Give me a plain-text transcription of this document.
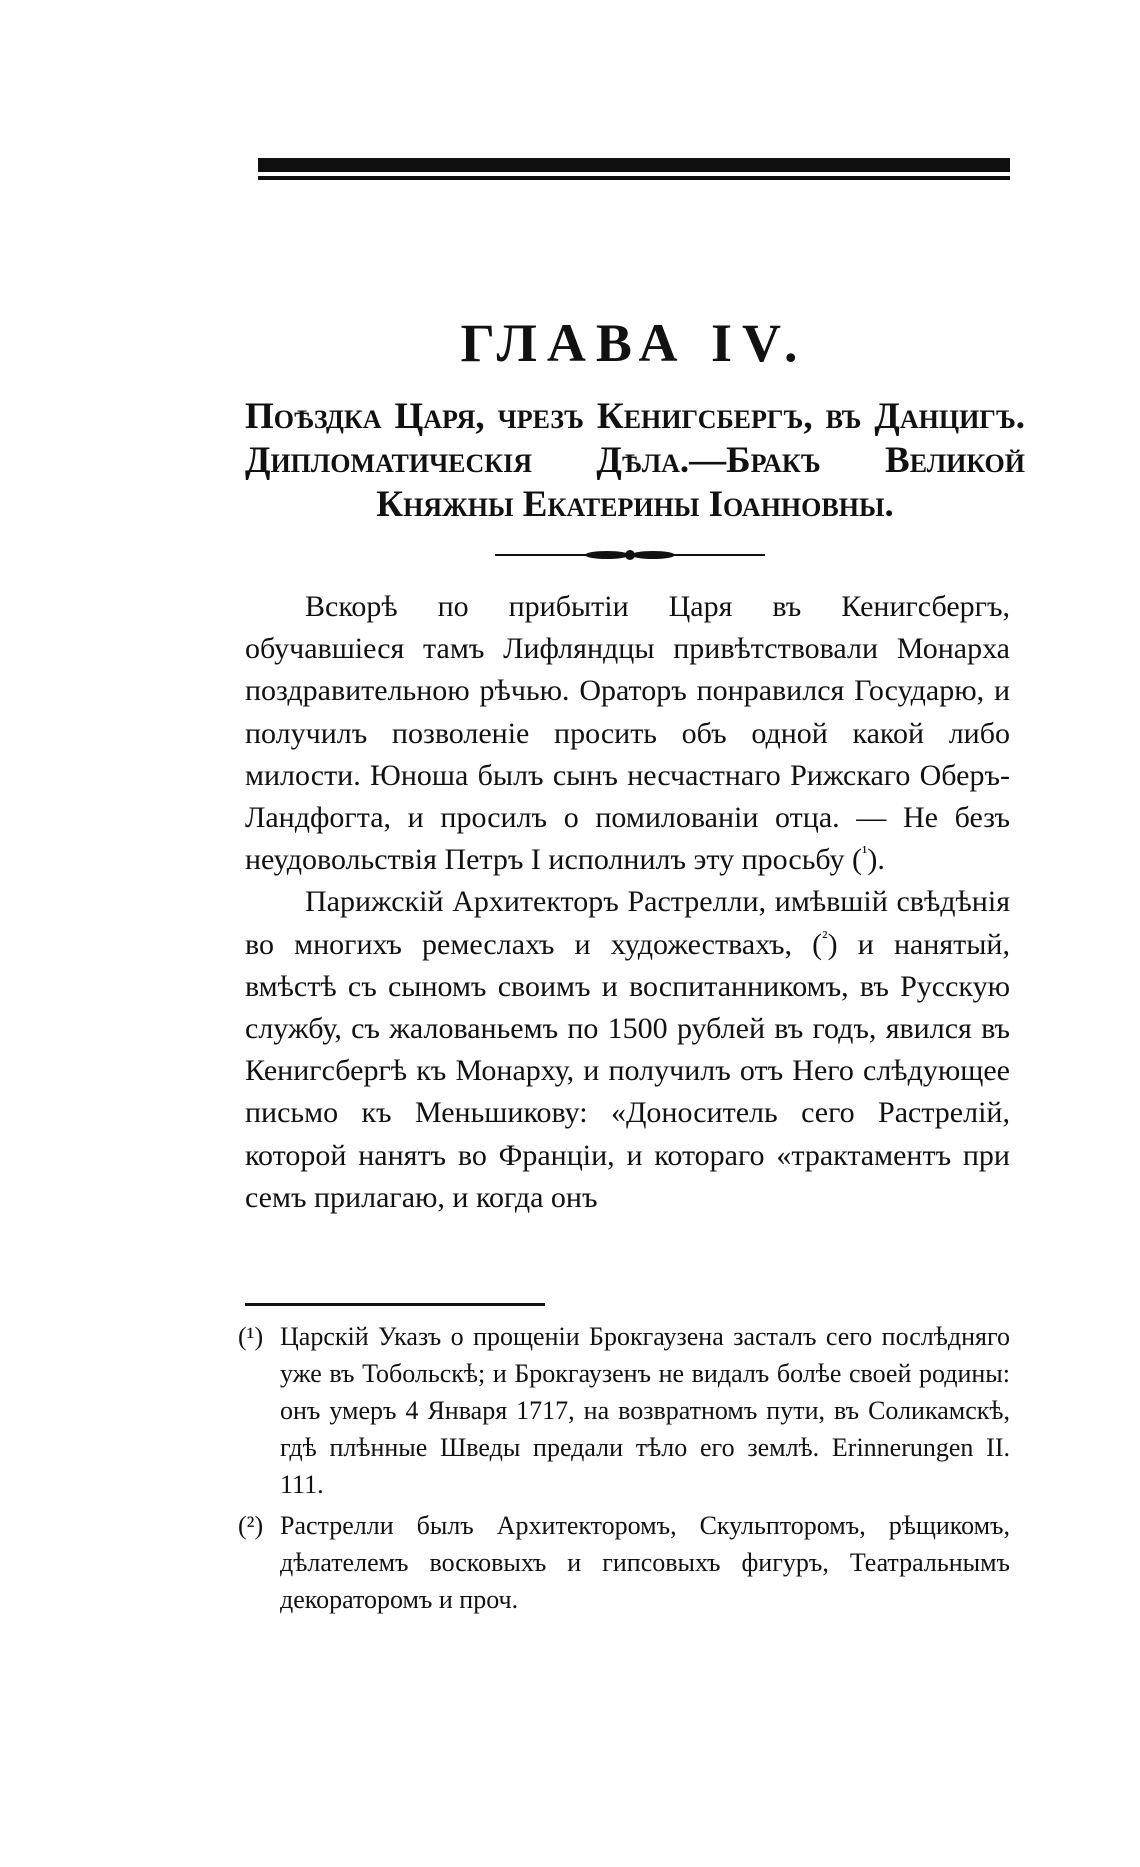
ГЛАВА IV.

Поѣздка Царя, чрезъ Кенигсбергъ, въ Данцигъ. Дипломатическія Дѣла.—Бракъ Великой Княжны Екатерины Іоанновны.

Вскорѣ по прибытіи Царя въ Кенигсбергъ, обучавшіеся тамъ Лифляндцы привѣтствовали Монарха поздравительною рѣчью. Ораторъ понравился Государю, и получилъ позволеніе просить объ одной какой либо милости. Юноша былъ сынъ несчастнаго Рижскаго Оберъ-Ландфогта, и просилъ о помилованіи отца. — Не безъ неудовольствія Петръ I исполнилъ эту просьбу ($^{^1}$).

Парижскій Архитекторъ Растрелли, имѣвшій свѣдѣнія во многихъ ремеслахъ и художествахъ, ($^{^2}$) и нанятый, вмѣстѣ съ сыномъ своимъ и воспитанникомъ, въ Русскую службу, съ жалованьемъ по 1500 рублей въ годъ, явился въ Кенигсбергѣ къ Монарху, и получилъ отъ Него слѣдующее письмо къ Меньшикову: «Доноситель сего Растрелій, которой нанятъ во Франціи, и котораго «трактаментъ при семъ прилагаю, и когда онъ

(¹) Царскій Указъ о прощеніи Брокгаузена засталъ сего послѣдняго уже въ Тобольскѣ; и Брокгаузенъ не видалъ болѣе своей родины: онъ умеръ 4 Января 1717, на возвратномъ пути, въ Соликамскѣ, гдѣ плѣнные Шведы предали тѣло его землѣ. Erinnerungen II. 111.
(²) Растрелли былъ Архитекторомъ, Скульпторомъ, рѣщикомъ, дѣлателемъ восковыхъ и гипсовыхъ фигуръ, Театральнымъ декораторомъ и проч.
